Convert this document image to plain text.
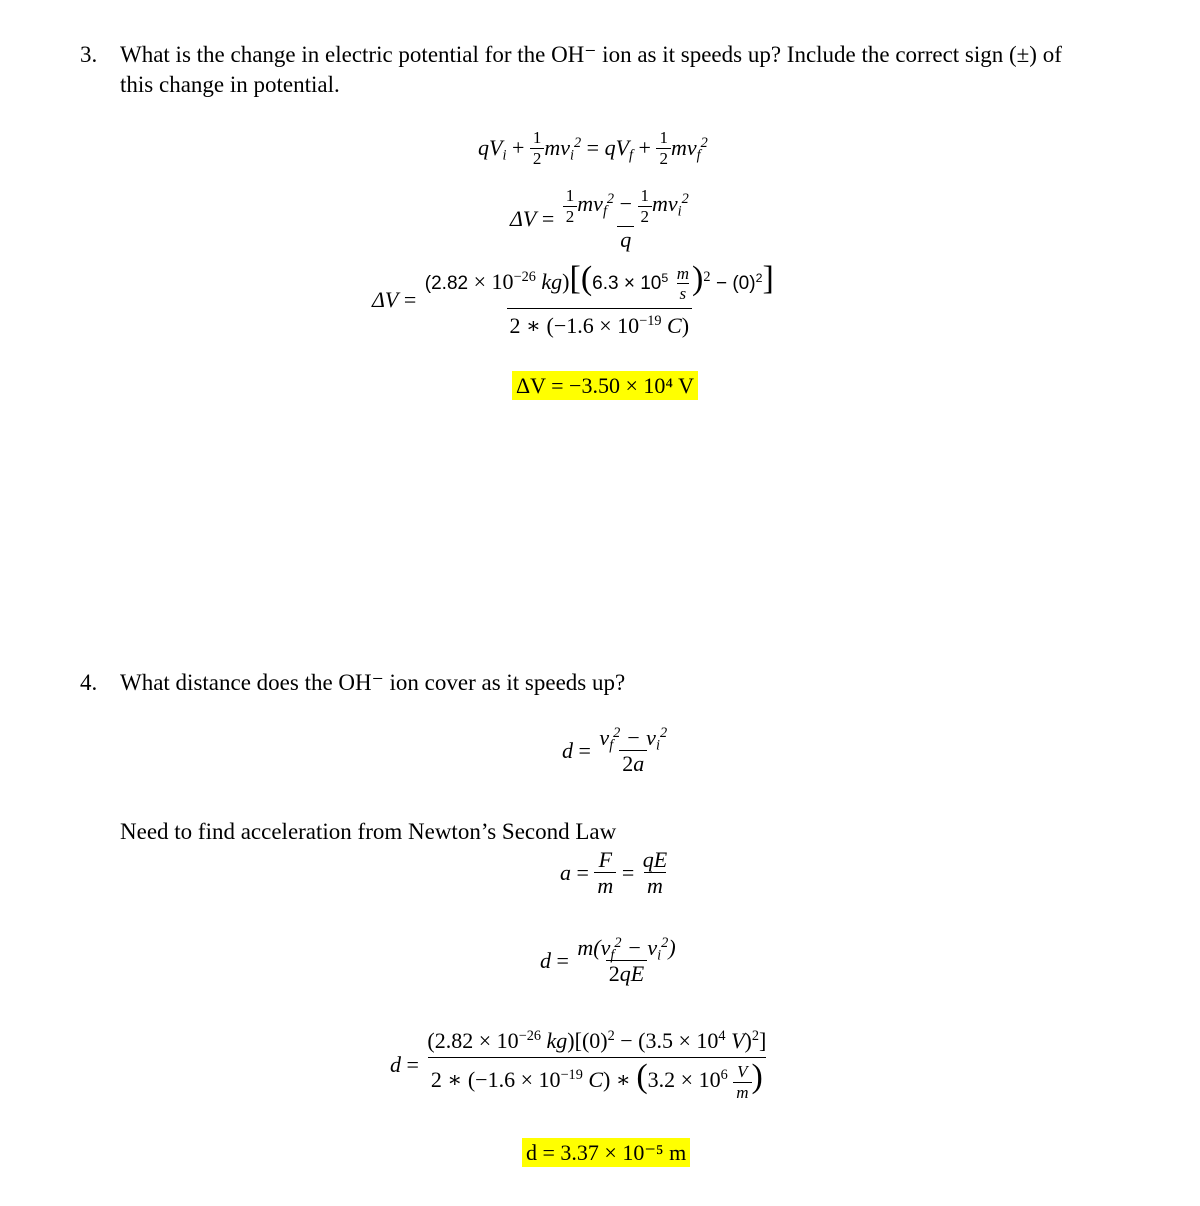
3. What is the change in electric potential for the OH⁻ ion as it speeds up? Include the correct sign (±) of
this change in potential.
$qV_i + \frac{1}{2} mv_i^2 = qV_f + \frac{1}{2} mv_f^2$
$\Delta V = \frac{\frac{1}{2} mv_f^2 - \frac{1}{2} mv_i^2}{q}$
$\Delta V = \frac{(2.82 \times 10^{-26} kg)[(6.3 \times 10^5 \frac{m}{s} )^2 - (0)^2]}{2 ∗ (-1.6 \times 10^{-19} C)}$
ΔV = −3.50 × 10⁴ V
4. What distance does the OH⁻ ion cover as it speeds up?
$d = \frac{v_f^2 - v_i^2}{2a}$
Need to find acceleration from Newton’s Second Law
$a = \frac{F}{m} = \frac{qE}{m}$
$d = \frac{m(v_f^2 - v_i^2)}{2qE}$
$d = \frac{(2.82 \times 10^{-26} kg)[(0)^2 - (3.5 \times 10^4 V)^2]}{2 ∗ (-1.6 \times 10^{-19} C) ∗ (3.2 \times 10^6 \frac{V}{m} )}$
d = 3.37 × 10⁻⁵ m
